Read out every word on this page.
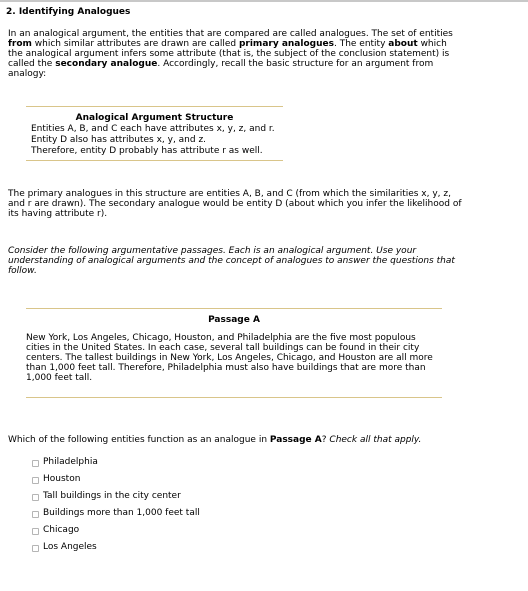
2. Identifying Analogues
In an analogical argument, the entities that are compared are called analogues. The set of entities from which similar attributes are drawn are called primary analogues. The entity about which the analogical argument infers some attribute (that is, the subject of the conclusion statement) is called the secondary analogue. Accordingly, recall the basic structure for an argument from analogy:
Analogical Argument Structure
Entities A, B, and C each have attributes x, y, z, and r.
Entity D also has attributes x, y, and z.
Therefore, entity D probably has attribute r as well.
The primary analogues in this structure are entities A, B, and C (from which the similarities x, y, z, and r are drawn). The secondary analogue would be entity D (about which you infer the likelihood of its having attribute r).
Consider the following argumentative passages. Each is an analogical argument. Use your understanding of analogical arguments and the concept of analogues to answer the questions that follow.
Passage A
New York, Los Angeles, Chicago, Houston, and Philadelphia are the five most populous cities in the United States. In each case, several tall buildings can be found in their city centers. The tallest buildings in New York, Los Angeles, Chicago, and Houston are all more than 1,000 feet tall. Therefore, Philadelphia must also have buildings that are more than 1,000 feet tall.
Which of the following entities function as an analogue in Passage A? Check all that apply.
Philadelphia
Houston
Tall buildings in the city center
Buildings more than 1,000 feet tall
Chicago
Los Angeles
